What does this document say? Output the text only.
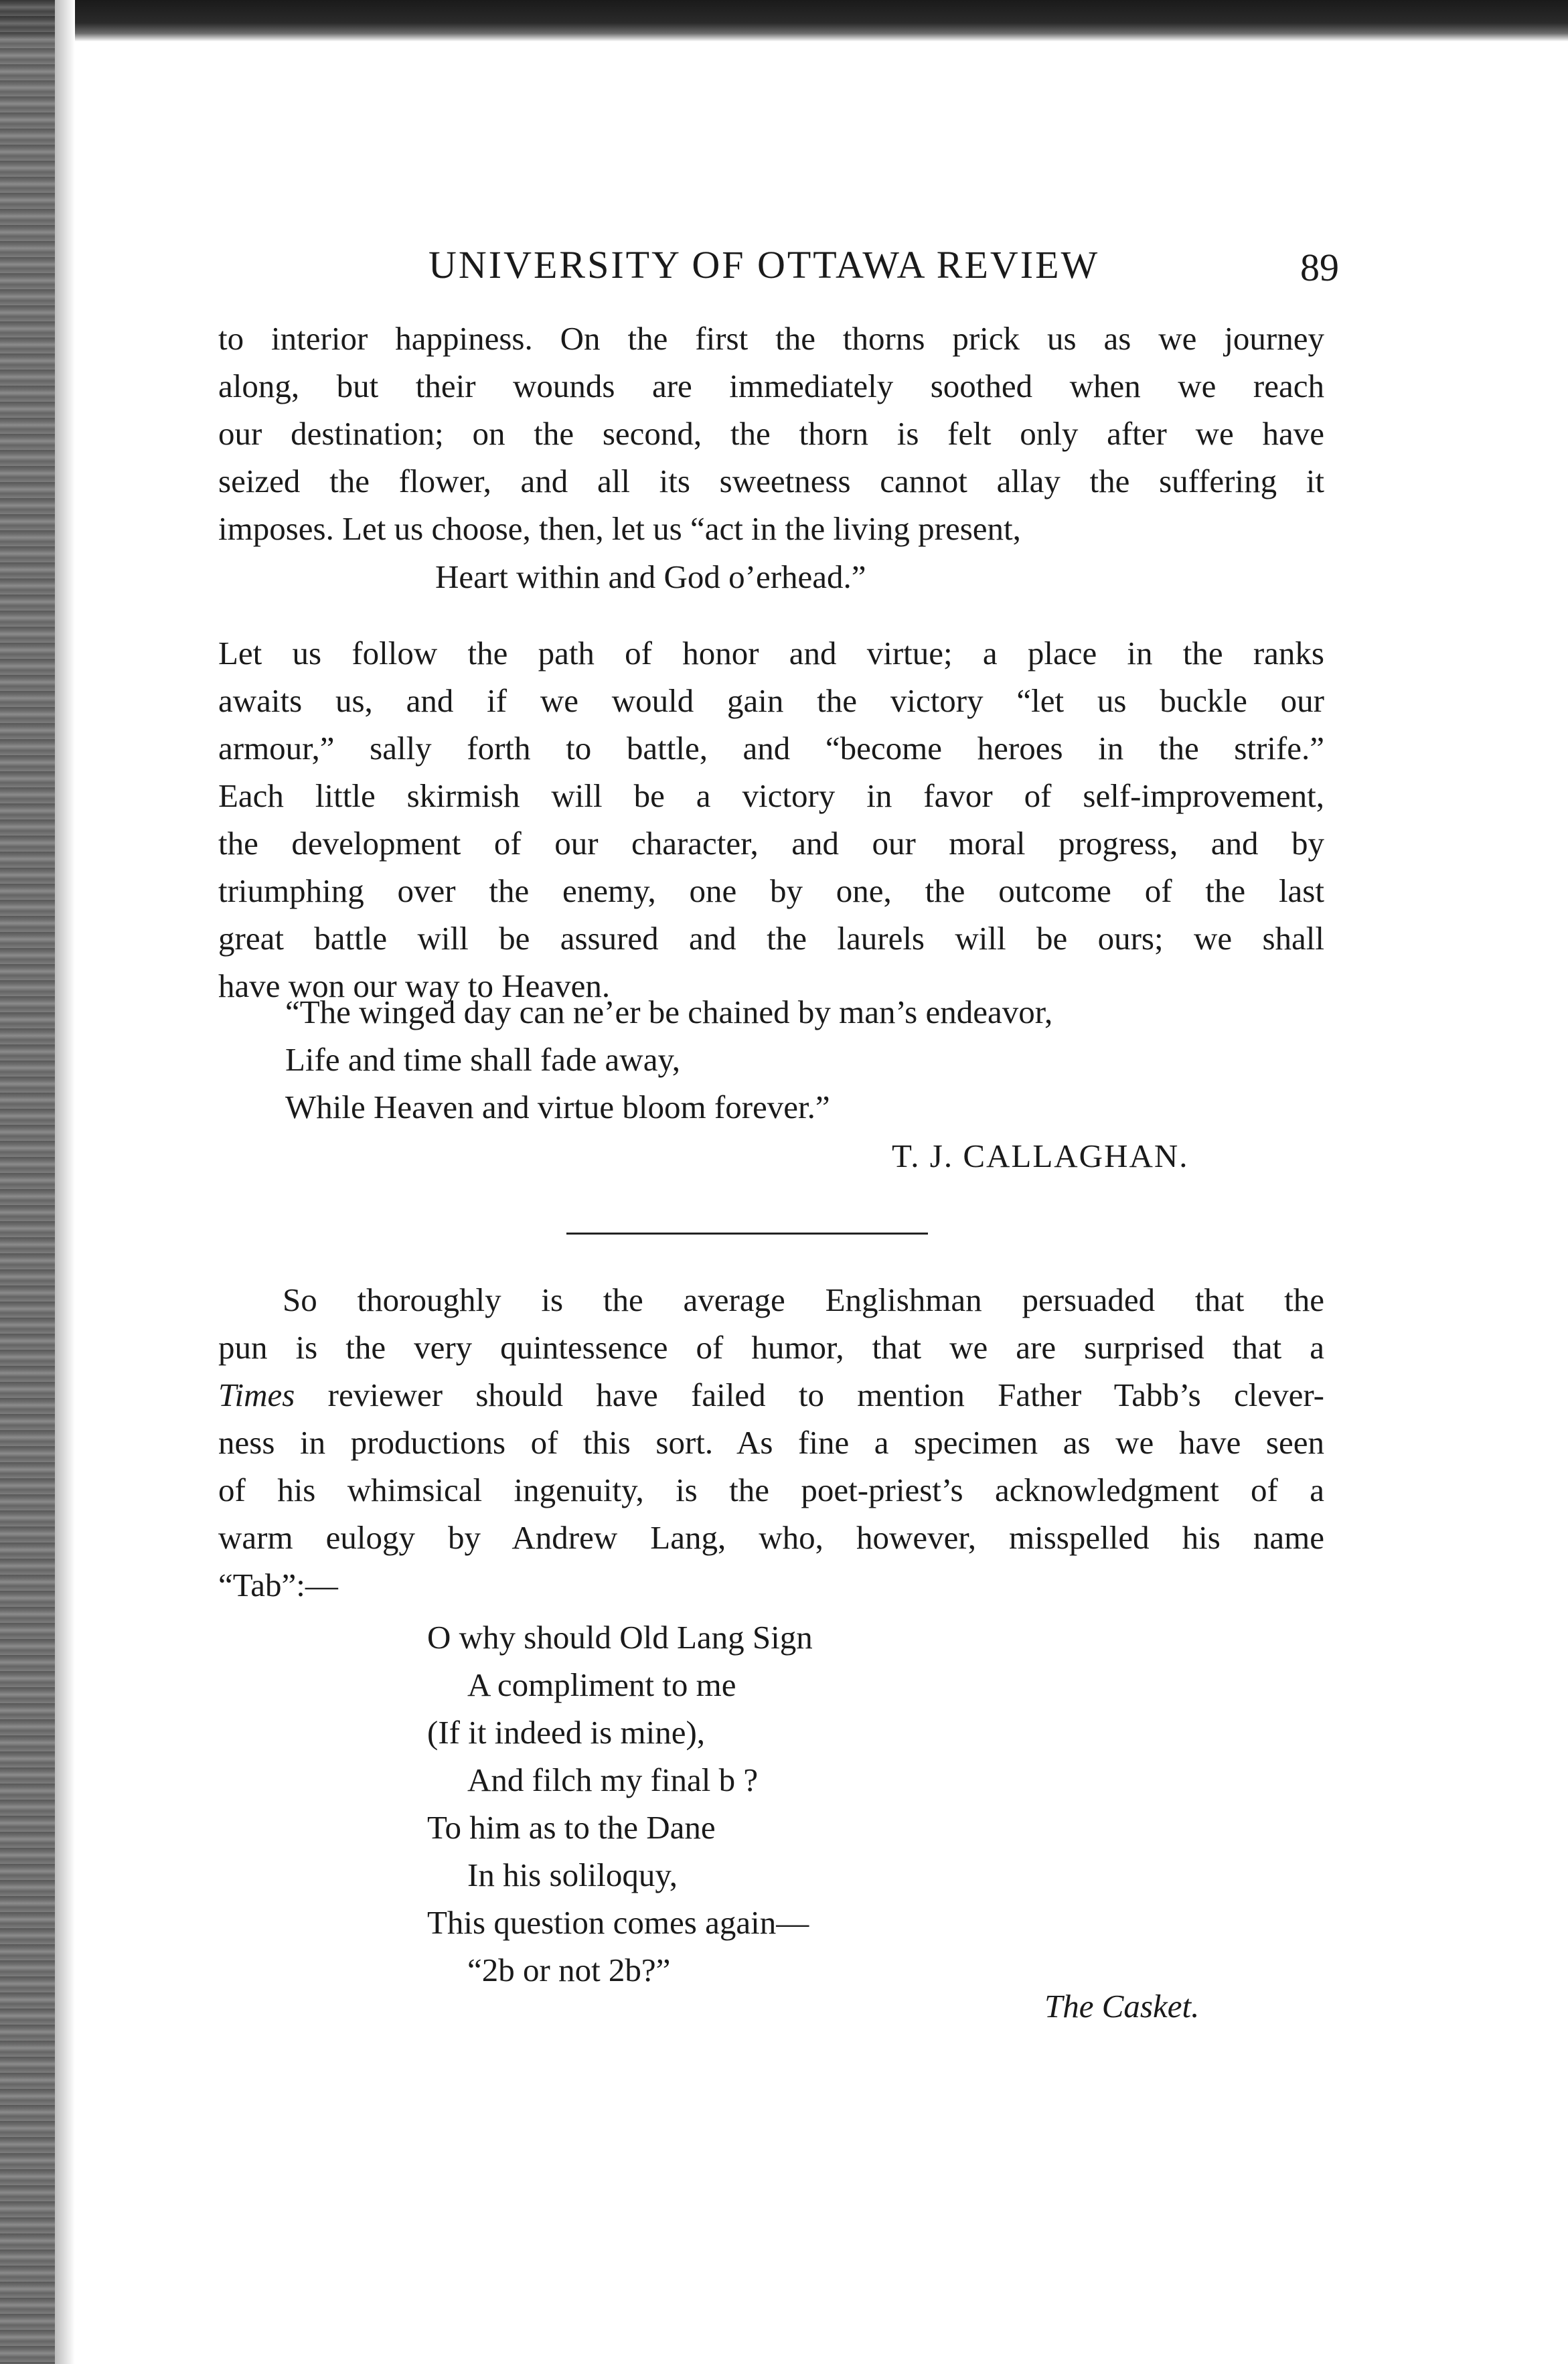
UNIVERSITY OF OTTAWA REVIEW	89
to interior happiness. On the first the thorns prick us as we journey
along, but their wounds are immediately soothed when we reach
our destination; on the second, the thorn is felt only after we have
seized the flower, and all its sweetness cannot allay the suffering it
imposes. Let us choose, then, let us “act in the living present,
Heart within and God o’erhead.”
Let us follow the path of honor and virtue; a place in the ranks
awaits us, and if we would gain the victory “let us buckle our
armour,” sally forth to battle, and “become heroes in the strife.”
Each little skirmish will be a victory in favor of self-improvement,
the development of our character, and our moral progress, and by
triumphing over the enemy, one by one, the outcome of the last
great battle will be assured and the laurels will be ours; we shall
have won our way to Heaven.
“The winged day can ne’er be chained by man’s endeavor,
Life and time shall fade away,
While Heaven and virtue bloom forever.”
T. J. CALLAGHAN.
So thoroughly is the average Englishman persuaded that the
pun is the very quintessence of humor, that we are surprised that a
Times reviewer should have failed to mention Father Tabb’s clever-
ness in productions of this sort. As fine a specimen as we have seen
of his whimsical ingenuity, is the poet-priest’s acknowledgment of a
warm eulogy by Andrew Lang, who, however, misspelled his name
“Tab”:—
O why should Old Lang Sign
A compliment to me
(If it indeed is mine),
And filch my final b ?
To him as to the Dane
In his soliloquy,
This question comes again—
“2b or not 2b?”
The Casket.
